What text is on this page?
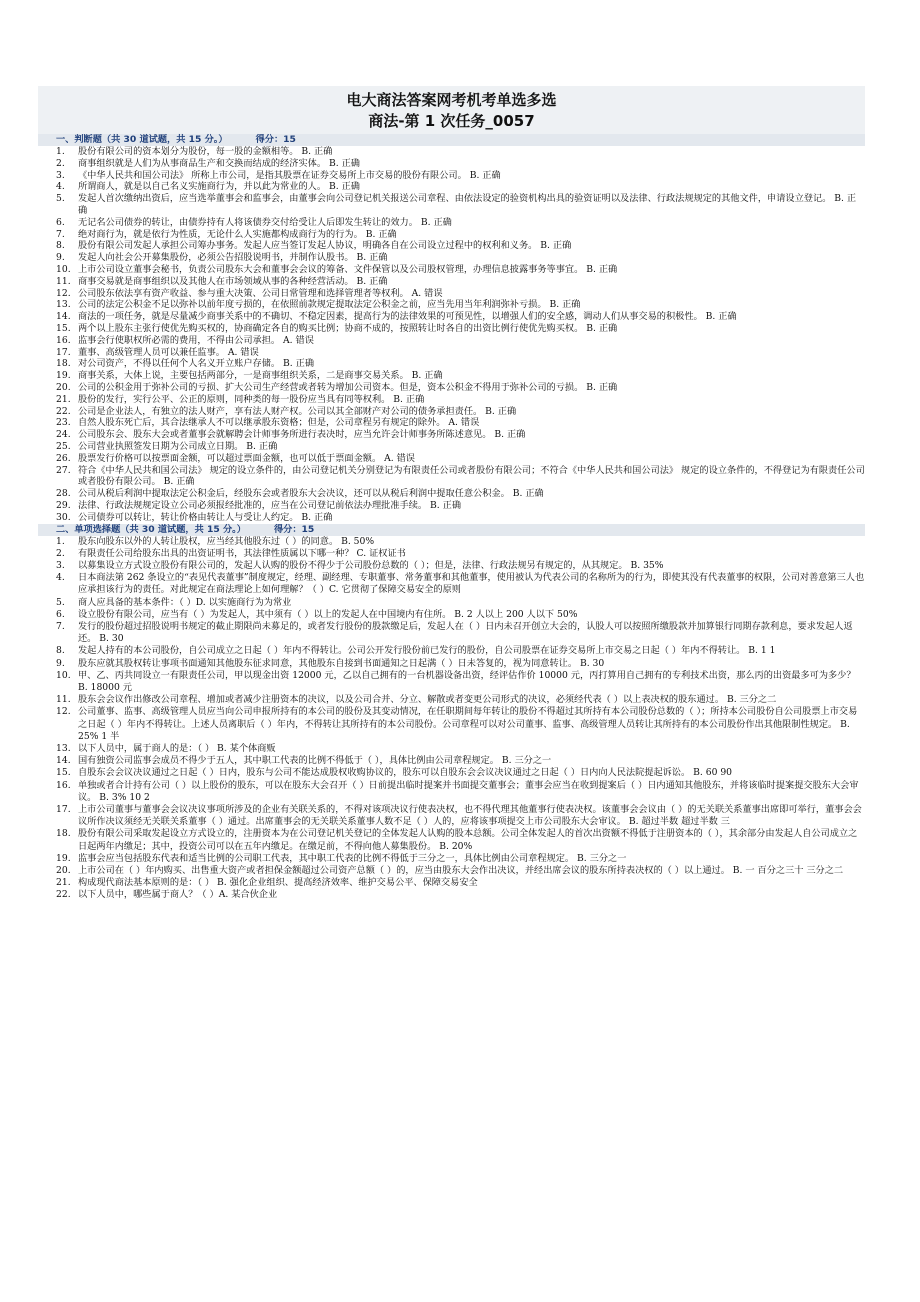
电大商法答案网考机考单选多选
商法-第 1 次任务_0057
一、判断题（共 30 道试题，共 15 分。）	得分：15
1. 股份有限公司的资本划分为股份，每一股的金额相等。 B. 正确
2. 商事组织就是人们为从事商品生产和交换而结成的经济实体。 B. 正确
3. 《中华人民共和国公司法》 所称上市公司，是指其股票在证券交易所上市交易的股份有限公司。 B. 正确
4. 所谓商人，就是以自己名义实施商行为，并以此为常业的人。 B. 正确
5. 发起人首次缴纳出资后，应当选举董事会和监事会，由董事会向公司登记机关报送公司章程、由依法设定的验资机构出具的验资证明以及法律、行政法规规定的其他文件，申请设立登记。 B. 正确
6. 无记名公司债券的转让，由债券持有人将该债券交付给受让人后即发生转让的效力。 B. 正确
7. 绝对商行为，就是依行为性质，无论什么人实施都构成商行为的行为。 B. 正确
8. 股份有限公司发起人承担公司筹办事务。发起人应当签订发起人协议，明确各自在公司设立过程中的权利和义务。 B. 正确
9. 发起人向社会公开募集股份，必须公告招股说明书，并制作认股书。 B. 正确
10. 上市公司设立董事会秘书，负责公司股东大会和董事会会议的筹备、文件保管以及公司股权管理，办理信息披露事务等事宜。 B. 正确
11. 商事交易就是商事组织以及其他人在市场领域从事的各种经营活动。 B. 正确
12. 公司股东依法享有资产收益、参与重大决策、公司日常管理和选择管理者等权利。 A. 错误
13. 公司的法定公积金不足以弥补以前年度亏损的，在依照前款规定提取法定公积金之前，应当先用当年利润弥补亏损。 B. 正确
14. 商法的一项任务，就是尽量减少商事关系中的不确切、不稳定因素，提高行为的法律效果的可预见性，以增强人们的安全感，调动人们从事交易的积极性。 B. 正确
15. 两个以上股东主张行使优先购买权的，协商确定各自的购买比例；协商不成的，按照转让时各自的出资比例行使优先购买权。 B. 正确
16. 监事会行使职权所必需的费用，不得由公司承担。 A. 错误
17. 董事、高级管理人员可以兼任监事。 A. 错误
18. 对公司资产，不得以任何个人名义开立账户存储。 B. 正确
19. 商事关系，大体上说，主要包括两部分，一是商事组织关系，二是商事交易关系。 B. 正确
20. 公司的公积金用于弥补公司的亏损、扩大公司生产经营或者转为增加公司资本。但是，资本公积金不得用于弥补公司的亏损。 B. 正确
21. 股份的发行，实行公平、公正的原则，同种类的每一股份应当具有同等权利。 B. 正确
22. 公司是企业法人，有独立的法人财产，享有法人财产权。公司以其全部财产对公司的债务承担责任。 B. 正确
23. 自然人股东死亡后，其合法继承人不可以继承股东资格；但是，公司章程另有规定的除外。 A. 错误
24. 公司股东会、股东大会或者董事会就解聘会计师事务所进行表决时，应当允许会计师事务所陈述意见。 B. 正确
25. 公司营业执照签发日期为公司成立日期。 B. 正确
26. 股票发行价格可以按票面金额，可以超过票面金额，也可以低于票面金额。 A. 错误
27. 符合《中华人民共和国公司法》 规定的设立条件的，由公司登记机关分别登记为有限责任公司或者股份有限公司；不符合《中华人民共和国公司法》 规定的设立条件的，不得登记为有限责任公司或者股份有限公司。 B. 正确
28. 公司从税后利润中提取法定公积金后，经股东会或者股东大会决议，还可以从税后利润中提取任意公积金。 B. 正确
29. 法律、行政法规规定设立公司必须报经批准的，应当在公司登记前依法办理批准手续。 B. 正确
30. 公司债券可以转让，转让价格由转让人与受让人约定。 B. 正确
二、单项选择题（共 30 道试题，共 15 分。）	得分：15
1. 股东向股东以外的人转让股权，应当经其他股东过（ ）的同意。 B. 50%
2. 有限责任公司给股东出具的出资证明书，其法律性质属以下哪一种？ C. 证权证书
3. 以募集设立方式设立股份有限公司的，发起人认购的股份不得少于公司股份总数的（ ）；但是，法律、行政法规另有规定的，从其规定。 B. 35%
4. 日本商法第 262 条设立的“表见代表董事”制度规定，经理、副经理、专职董事、常务董事和其他董事，使用被认为代表公司的名称所为的行为，即使其没有代表董事的权限，公司对善意第三人也应承担该行为的责任。对此规定在商法理论上如何理解？（ ）C. 它贯彻了保障交易安全的原则
5. 商人应具备的基本条件：（ ）D. 以实施商行为为常业
6. 设立股份有限公司，应当有（ ）为发起人，其中须有（ ）以上的发起人在中国境内有住所。 B. 2 人以上 200 人以下 50%
7. 发行的股份超过招股说明书规定的截止期限尚未募足的，或者发行股份的股款缴足后，发起人在（ ）日内未召开创立大会的，认股人可以按照所缴股款并加算银行同期存款利息，要求发起人返还。 B. 30
8. 发起人持有的本公司股份，自公司成立之日起（ ）年内不得转让。公司公开发行股份前已发行的股份，自公司股票在证券交易所上市交易之日起（ ）年内不得转让。 B. 1 1
9. 股东应就其股权转让事项书面通知其他股东征求同意，其他股东自接到书面通知之日起满（ ）日未答复的，视为同意转让。 B. 30
10. 甲、乙、丙共同设立一有限责任公司，甲以现金出资 12000 元，乙以自己拥有的一台机器设备出资，经评估作价 10000 元，丙打算用自己拥有的专利技术出资，那么丙的出资最多可为多少？ B. 18000 元
11. 股东会会议作出修改公司章程、增加或者减少注册资本的决议，以及公司合并、分立、解散或者变更公司形式的决议，必须经代表（ ）以上表决权的股东通过。 B. 三分之二
12. 公司董事、监事、高级管理人员应当向公司申报所持有的本公司的股份及其变动情况，在任职期间每年转让的股份不得超过其所持有本公司股份总数的（ ）；所持本公司股份自公司股票上市交易之日起（ ）年内不得转让。上述人员离职后（ ）年内，不得转让其所持有的本公司股份。公司章程可以对公司董事、监事、高级管理人员转让其所持有的本公司股份作出其他限制性规定。 B. 25% 1 半
13. 以下人员中，属于商人的是：（ ） B. 某个体商贩
14. 国有独资公司监事会成员不得少于五人，其中职工代表的比例不得低于（ ），具体比例由公司章程规定。 B. 三分之一
15. 自股东会会议决议通过之日起（ ）日内，股东与公司不能达成股权收购协议的，股东可以自股东会会议决议通过之日起（ ）日内向人民法院提起诉讼。 B. 60 90
16. 单独或者合计持有公司（ ）以上股份的股东，可以在股东大会召开（ ）日前提出临时提案并书面提交董事会；董事会应当在收到提案后（ ）日内通知其他股东，并将该临时提案提交股东大会审议。 B. 3% 10 2
17. 上市公司董事与董事会会议决议事项所涉及的企业有关联关系的，不得对该项决议行使表决权，也不得代理其他董事行使表决权。该董事会会议由（ ）的无关联关系董事出席即可举行，董事会会议所作决议须经无关联关系董事（ ）通过。出席董事会的无关联关系董事人数不足（ ）人的，应将该事项提交上市公司股东大会审议。 B. 超过半数 超过半数 三
18. 股份有限公司采取发起设立方式设立的，注册资本为在公司登记机关登记的全体发起人认购的股本总额。公司全体发起人的首次出资额不得低于注册资本的（ ），其余部分由发起人自公司成立之日起两年内缴足；其中，投资公司可以在五年内缴足。在缴足前，不得向他人募集股份。 B. 20%
19. 监事会应当包括股东代表和适当比例的公司职工代表，其中职工代表的比例不得低于三分之一，具体比例由公司章程规定。 B. 三分之一
20. 上市公司在（ ）年内购买、出售重大资产或者担保金额超过公司资产总额（ ）的，应当由股东大会作出决议，并经出席会议的股东所持表决权的（ ）以上通过。 B. 一 百分之三十 三分之二
21. 构成现代商法基本原则的是：（ ） B. 强化企业组织、提高经济效率、维护交易公平、保障交易安全
22. 以下人员中，哪些属于商人？（ ）A. 某合伙企业
